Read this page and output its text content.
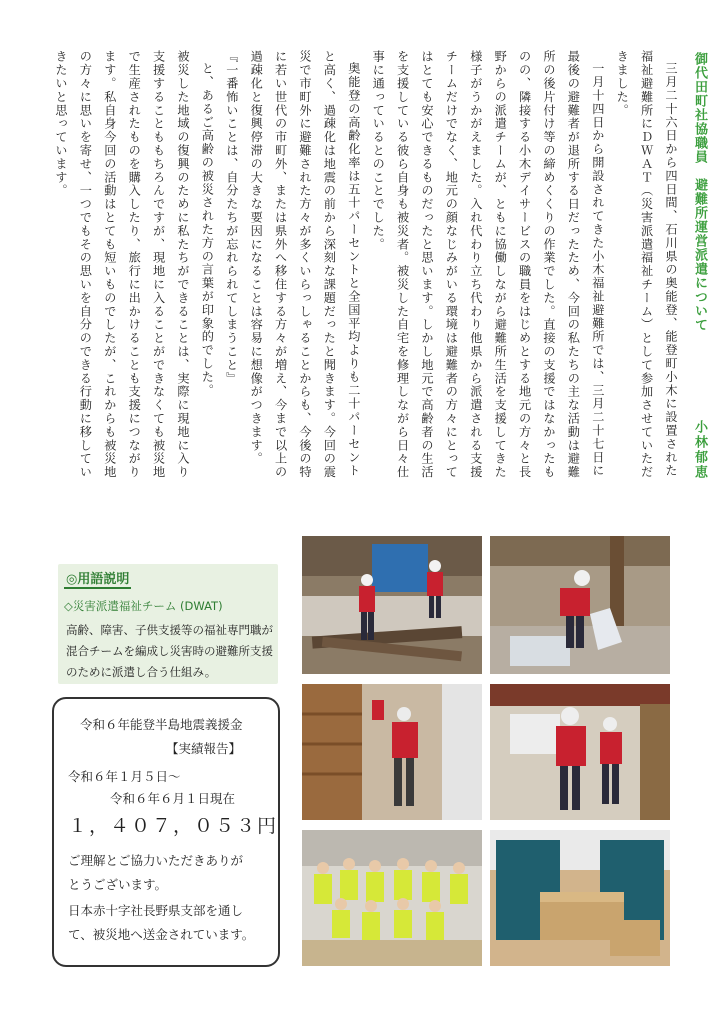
御代田町社協職員　避難所運営派遣について
小林郁恵
三月二十六日から四日間、石川県の奥能登、能登町小木に設置された
福祉避難所にＤＷＡＴ（災害派遣福祉チーム）として参加させていただ
きました。
一月十四日から開設されてきた小木福祉避難所では、三月二十七日に
最後の避難者が退所する日だったため、今回の私たちの主な活動は避難
所の後片付け等の締めくくりの作業でした。直接の支援ではなかったも
のの、隣接する小木デイサービスの職員をはじめとする地元の方々と長
野からの派遣チームが、ともに協働しながら避難所生活を支援してきた
様子がうかがえました。入れ代わり立ち代わり他県から派遣される支援
チームだけでなく、地元の顔なじみがいる環境は避難者の方々にとって
はとても安心できるものだったと思います。しかし地元で高齢者の生活
を支援している彼ら自身も被災者。被災した自宅を修理しながら日々仕
事に通っているとのことでした。
奥能登の高齢化率は五十パーセントと全国平均よりも二十パーセント
と高く、過疎化は地震の前から深刻な課題だったと聞きます。今回の震
災で市町外に避難された方々が多くいらっしゃることからも、今後の特
に若い世代の市町外、または県外へ移住する方々が増え、今まで以上の
過疎化と復興停滞の大きな要因になることは容易に想像がつきます。
『一番怖いことは、自分たちが忘れられてしまうこと』
と、あるご高齢の被災された方の言葉が印象的でした。
被災した地域の復興のために私たちができることは、実際に現地に入り
支援することももちろんですが、現地に入ることができなくても被災地
で生産されたものを購入したり、旅行に出かけることも支援につながり
ます。私自身今回の活動はとても短いものでしたが、これからも被災地
の方々に思いを寄せ、一つでもその思いを自分のできる行動に移してい
きたいと思っています。
◎用語説明
◇災害派遣福祉チーム (DWAT)
高齢、障害、子供支援等の福祉専門職が混合チームを編成し災害時の避難所支援のために派遣し合う仕組み。
令和６年能登半島地震義援金
【実績報告】
令和６年１月５日～
令和６年６月１日現在
１，４０７，０５３円
ご理解とご協力いただきありが
とうございます。
日本赤十字社長野県支部を通し
て、被災地へ送金されています。
